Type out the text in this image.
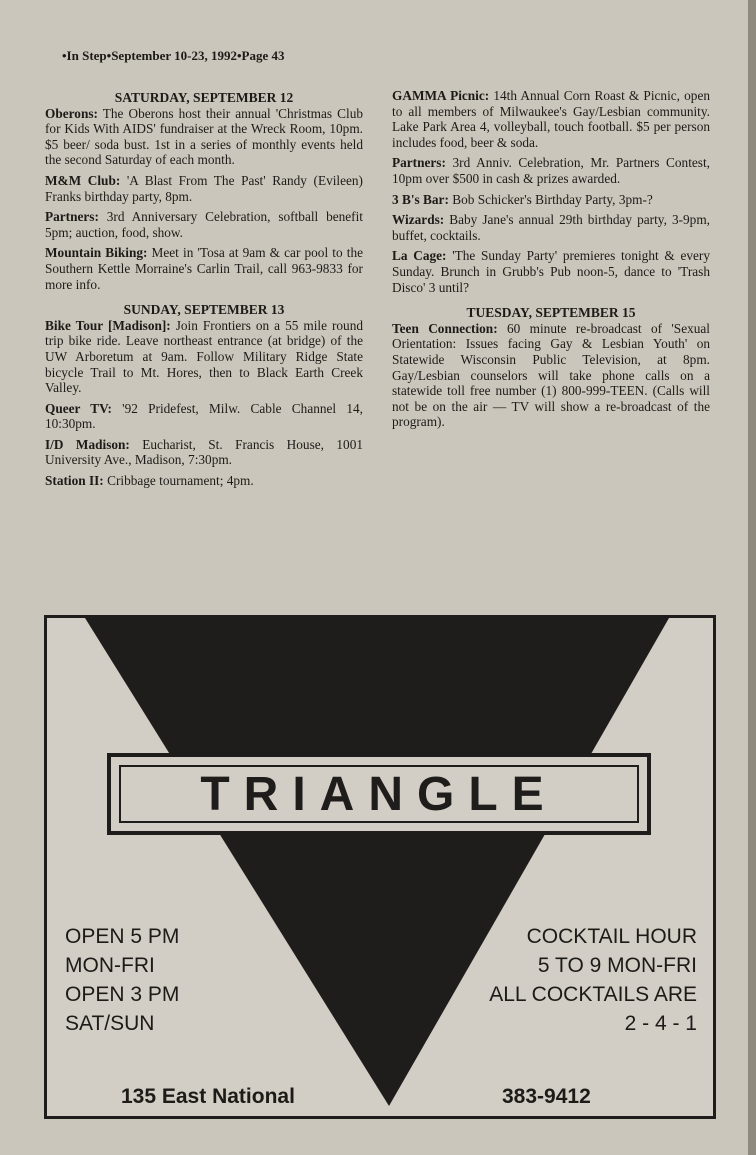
•In Step•September 10-23, 1992•Page 43

SATURDAY, SEPTEMBER 12

Oberons: The Oberons host their annual 'Christmas Club for Kids With AIDS' fundraiser at the Wreck Room, 10pm. $5 beer/ soda bust. 1st in a series of monthly events held the second Saturday of each month.

M&M Club: 'A Blast From The Past' Randy (Evileen) Franks birthday party, 8pm.

Partners: 3rd Anniversary Celebration, softball benefit 5pm; auction, food, show.

Mountain Biking: Meet in 'Tosa at 9am & car pool to the Southern Kettle Morraine's Carlin Trail, call 963-9833 for more info.

SUNDAY, SEPTEMBER 13

Bike Tour [Madison]: Join Frontiers on a 55 mile round trip bike ride. Leave northeast entrance (at bridge) of the UW Arboretum at 9am. Follow Military Ridge State bicycle Trail to Mt. Hores, then to Black Earth Creek Valley.

Queer TV: '92 Pridefest, Milw. Cable Channel 14, 10:30pm.

I/D Madison: Eucharist, St. Francis House, 1001 University Ave., Madison, 7:30pm.

Station II: Cribbage tournament; 4pm.

GAMMA Picnic: 14th Annual Corn Roast & Picnic, open to all members of Milwaukee's Gay/Lesbian community. Lake Park Area 4, volleyball, touch football. $5 per person includes food, beer & soda.

Partners: 3rd Anniv. Celebration, Mr. Partners Contest, 10pm over $500 in cash & prizes awarded.

3 B's Bar: Bob Schicker's Birthday Party, 3pm-?

Wizards: Baby Jane's annual 29th birthday party, 3-9pm, buffet, cocktails.

La Cage: 'The Sunday Party' premieres tonight & every Sunday. Brunch in Grubb's Pub noon-5, dance to 'Trash Disco' 3 until?

TUESDAY, SEPTEMBER 15

Teen Connection: 60 minute re-broadcast of 'Sexual Orientation: Issues facing Gay & Lesbian Youth' on Statewide Wisconsin Public Television, at 8pm. Gay/Lesbian counselors will take phone calls on a statewide toll free number (1) 800-999-TEEN. (Calls will not be on the air — TV will show a re-broadcast of the program).

TRIANGLE
OPEN 5 PM
MON-FRI
OPEN 3 PM
SAT/SUN
COCKTAIL HOUR
5 TO 9 MON-FRI
ALL COCKTAILS ARE
2 - 4 - 1
135 East National	383-9412
